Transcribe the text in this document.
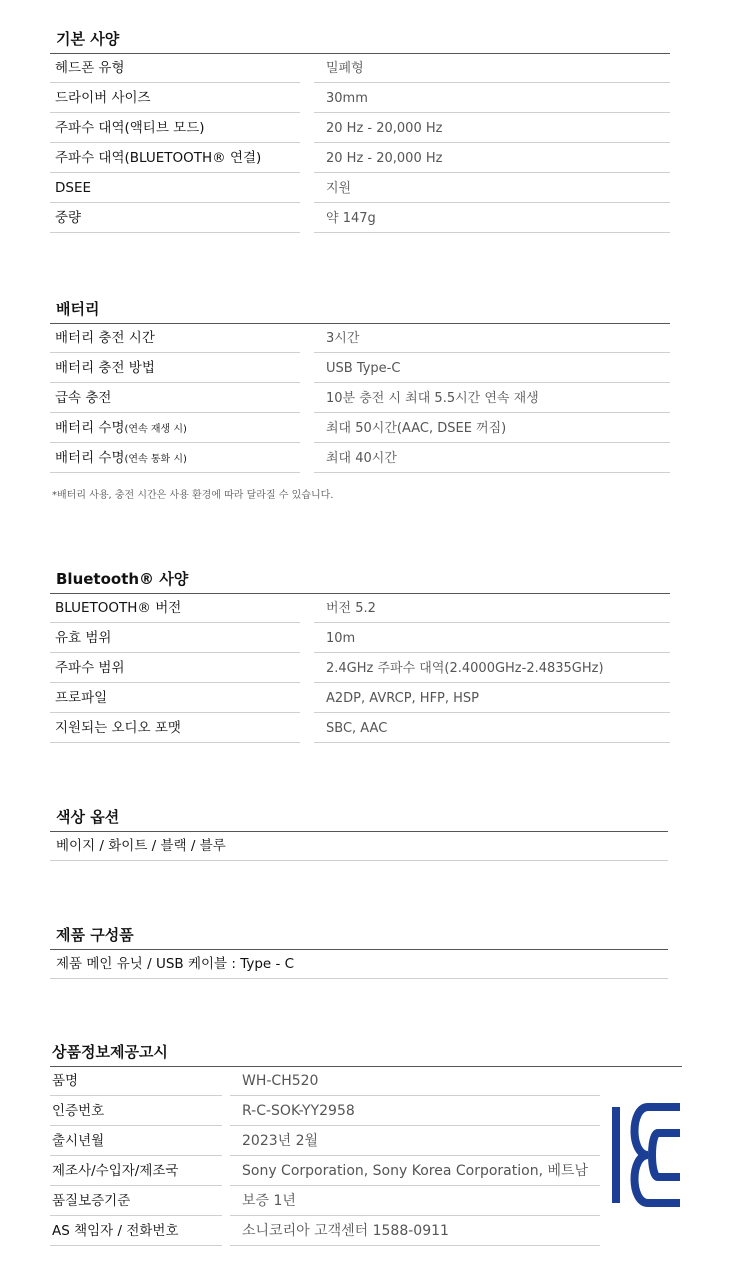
기본 사양
헤드폰 유형	밀폐형
드라이버 사이즈	30mm
주파수 대역(액티브 모드)	20 Hz - 20,000 Hz
주파수 대역(BLUETOOTH® 연결)	20 Hz - 20,000 Hz
DSEE	지원
중량	약 147g
배터리
배터리 충전 시간	3시간
배터리 충전 방법	USB Type-C
급속 충전	10분 충전 시 최대 5.5시간 연속 재생
배터리 수명(연속 재생 시)	최대 50시간(AAC, DSEE 꺼짐)
배터리 수명(연속 통화 시)	최대 40시간
*배터리 사용, 충전 시간은 사용 환경에 따라 달라질 수 있습니다.
Bluetooth® 사양
BLUETOOTH® 버전	버전 5.2
유효 범위	10m
주파수 범위	2.4GHz 주파수 대역(2.4000GHz-2.4835GHz)
프로파일	A2DP, AVRCP, HFP, HSP
지원되는 오디오 포맷	SBC, AAC
색상 옵션
베이지 / 화이트 / 블랙 / 블루
제품 구성품
제품 메인 유닛 / USB 케이블 : Type - C
상품정보제공고시
품명	WH-CH520
인증번호	R-C-SOK-YY2958
출시년월	2023년 2월
제조사/수입자/제조국	Sony Corporation, Sony Korea Corporation, 베트남
품질보증기준	보증 1년
AS 책임자 / 전화번호	소니코리아 고객센터 1588-0911
